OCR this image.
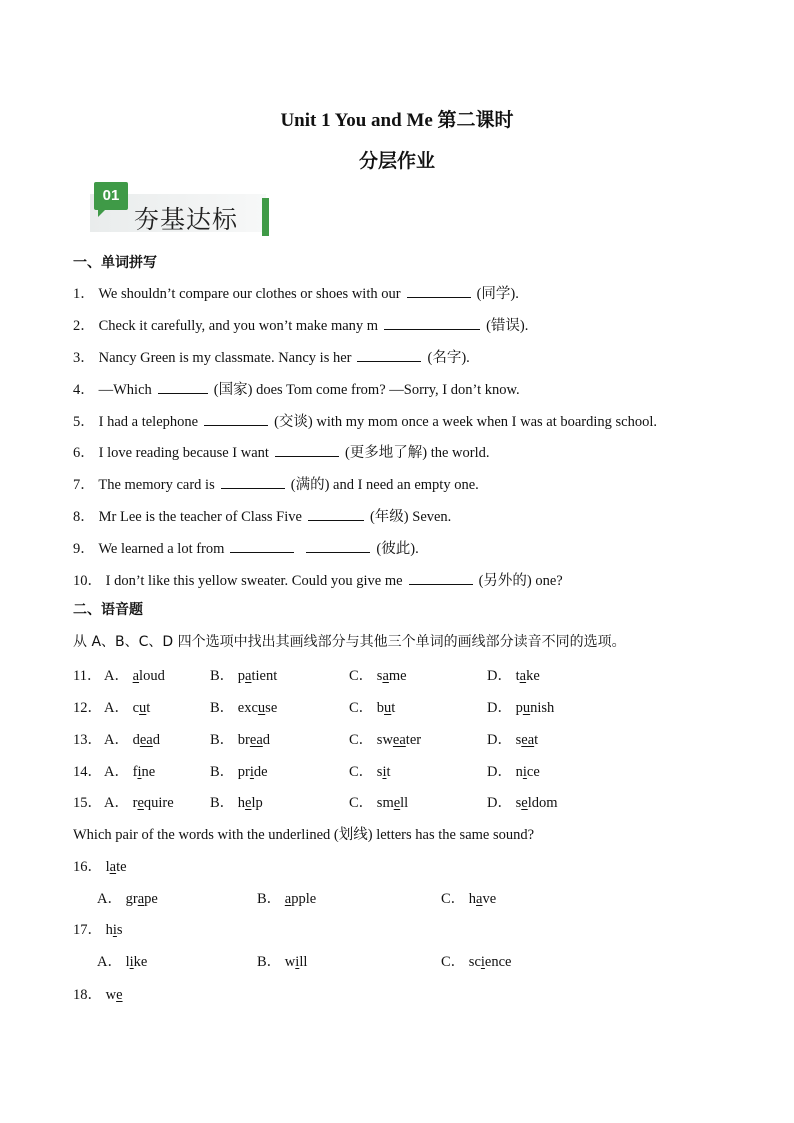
Unit 1 You and Me 第二课时
分层作业
01
夯基达标
一、单词拼写
1． We shouldn’t compare our clothes or shoes with our	(同学).
2． Check it carefully, and you won’t make many m	(错误).
3． Nancy Green is my classmate. Nancy is her	(名字).
4． —Which	(国家) does Tom come from? —Sorry, I don’t know.
5． I had a telephone	(交谈) with my mom once a week when I was at boarding school.
6． I love reading because I want	(更多地了解) the world.
7． The memory card is	(满的) and I need an empty one.
8． Mr Lee is the teacher of Class Five	(年级) Seven.
9． We learned a lot from	(彼此).
10． I don’t like this yellow sweater. Could you give me	(另外的) one?
二、语音题
从 A、B、C、D 四个选项中找出其画线部分与其他三个单词的画线部分读音不同的选项。
11． A． aloud	B． patient	C． same	D． take
12． A． cut	B． excuse	C． but	D． punish
13． A． dead	B． bread	C． sweater	D． seat
14． A． fine	B． pride	C． sit	D． nice
15． A． require	B． help	C． smell	D． seldom
Which pair of the words with the underlined (划线) letters has the same sound?
16． late
A． grape	B． apple	C． have
17． his
A． like	B． will	C． science
18． we
